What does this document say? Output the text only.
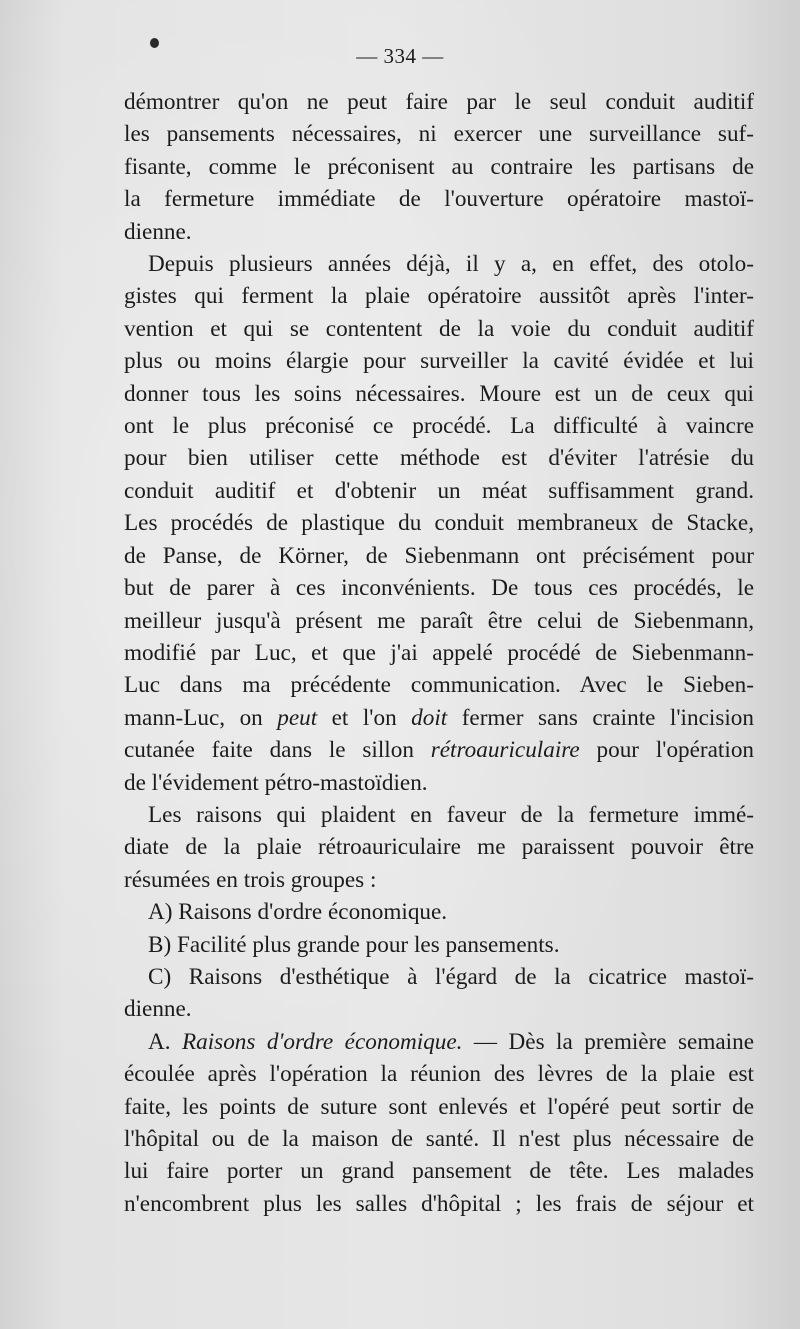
— 334 —

démontrer qu'on ne peut faire par le seul conduit auditif
les pansements nécessaires, ni exercer une surveillance suf-
fisante, comme le préconisent au contraire les partisans de
la fermeture immédiate de l'ouverture opératoire mastoï-
dienne.

Depuis plusieurs années déjà, il y a, en effet, des otolo-
gistes qui ferment la plaie opératoire aussitôt après l'inter-
vention et qui se contentent de la voie du conduit auditif
plus ou moins élargie pour surveiller la cavité évidée et lui
donner tous les soins nécessaires. Moure est un de ceux qui
ont le plus préconisé ce procédé. La difficulté à vaincre
pour bien utiliser cette méthode est d'éviter l'atrésie du
conduit auditif et d'obtenir un méat suffisamment grand.
Les procédés de plastique du conduit membraneux de Stacke,
de Panse, de Körner, de Siebenmann ont précisément pour
but de parer à ces inconvénients. De tous ces procédés, le
meilleur jusqu'à présent me paraît être celui de Siebenmann,
modifié par Luc, et que j'ai appelé procédé de Siebenmann-
Luc dans ma précédente communication. Avec le Sieben-
mann-Luc, on peut et l'on doit fermer sans crainte l'incision
cutanée faite dans le sillon rétroauriculaire pour l'opération
de l'évidement pétro-mastoïdien.

Les raisons qui plaident en faveur de la fermeture immé-
diate de la plaie rétroauriculaire me paraissent pouvoir être
résumées en trois groupes :

A) Raisons d'ordre économique.
B) Facilité plus grande pour les pansements.
C) Raisons d'esthétique à l'égard de la cicatrice mastoï-
dienne.

A. Raisons d'ordre économique. — Dès la première semaine
écoulée après l'opération la réunion des lèvres de la plaie est
faite, les points de suture sont enlevés et l'opéré peut sortir de
l'hôpital ou de la maison de santé. Il n'est plus nécessaire de
lui faire porter un grand pansement de tête. Les malades
n'encombrent plus les salles d'hôpital ; les frais de séjour et
